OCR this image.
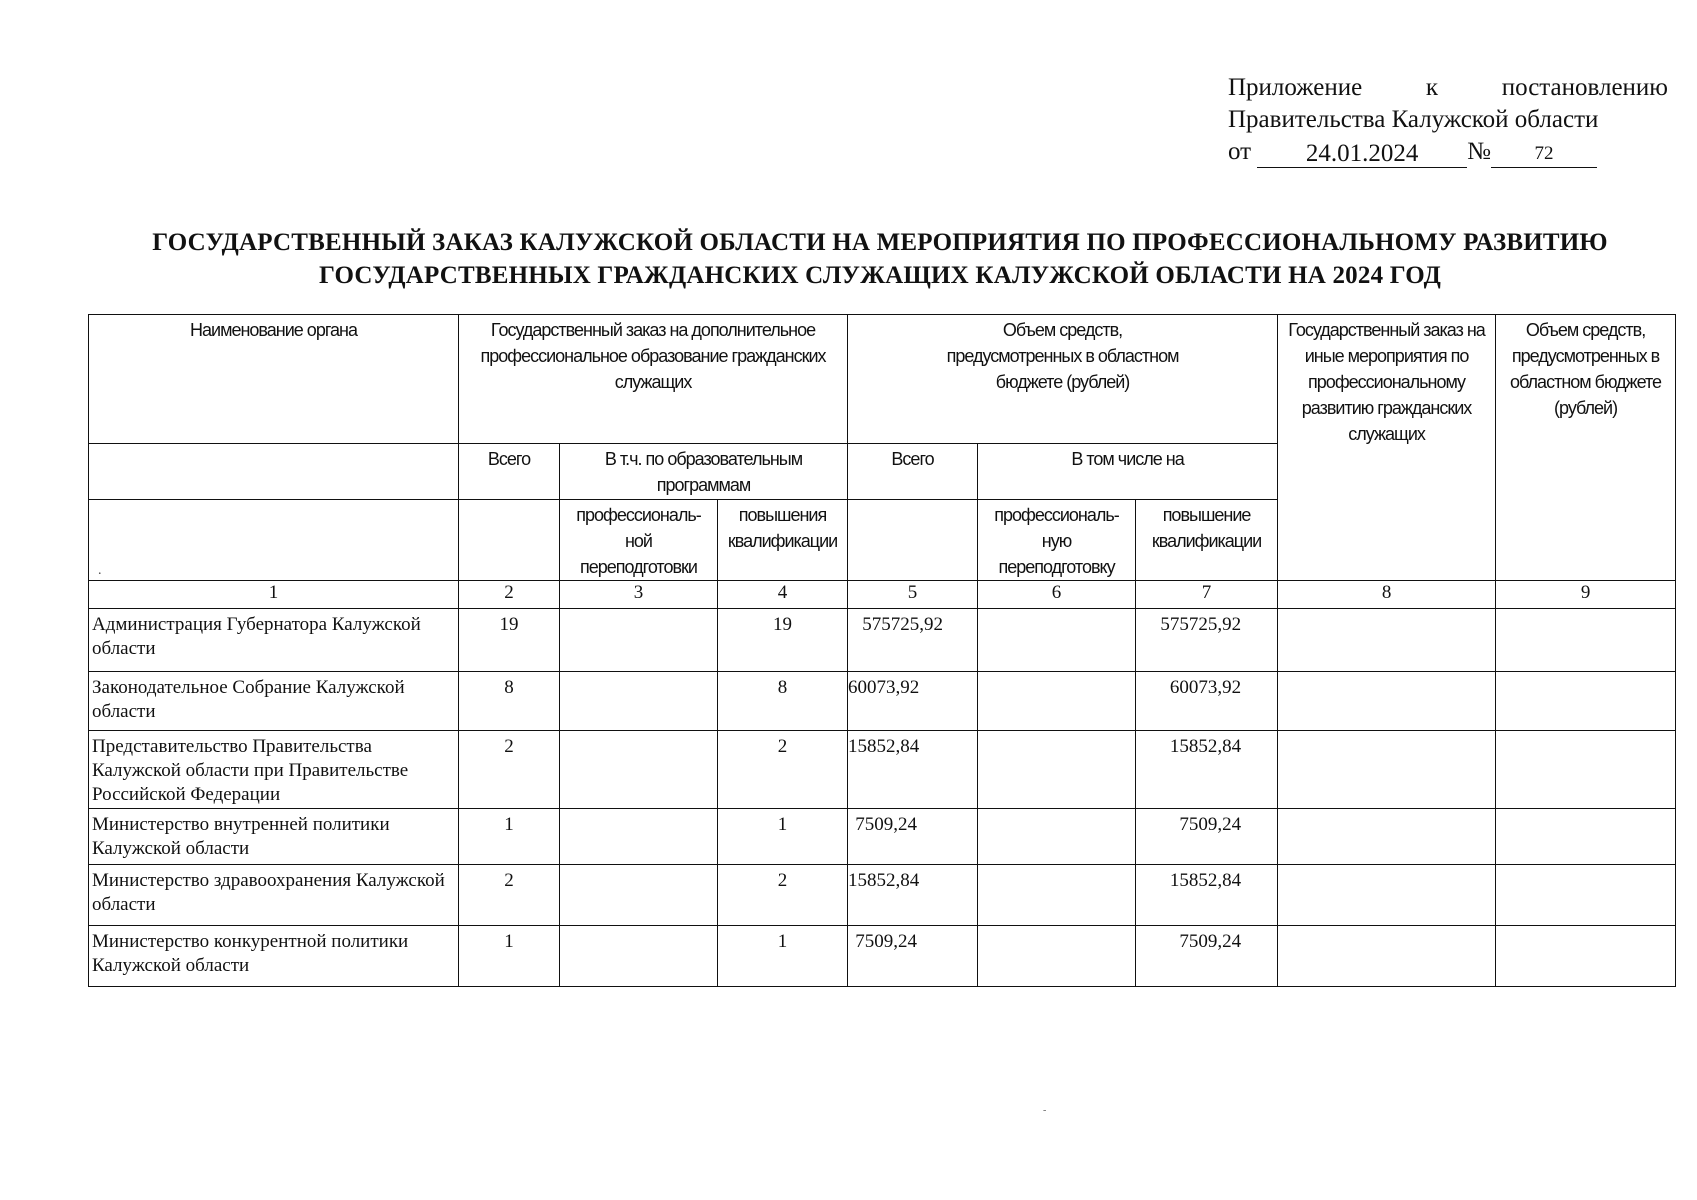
Приложение	к	постановлению
Правительства Калужской области
от	24.01.2024	№	72
ГОСУДАРСТВЕННЫЙ ЗАКАЗ КАЛУЖСКОЙ ОБЛАСТИ НА МЕРОПРИЯТИЯ ПО ПРОФЕССИОНАЛЬНОМУ РАЗВИТИЮ
ГОСУДАРСТВЕННЫХ ГРАЖДАНСКИХ СЛУЖАЩИХ КАЛУЖСКОЙ ОБЛАСТИ НА 2024 ГОД
Наименование органа	Государственный заказ на дополнительное профессиональное образование гражданских служащих			Объем средств, предусмотренных в областном бюджете (рублей)			Государственный заказ на иные мероприятия по профессиональному развитию гражданских служащих	Объем средств, предусмотренных в областном бюджете (рублей)
	Всего	В т.ч. по образовательным программам		Всего	В том числе на			
		профессиональ-ной переподготовки	повышения квалификации		профессиональ-ную переподготовку	повышение квалификации		
1	2	3	4	5	6	7	8	9
Администрация Губернатора Калужской области	19		19	575725,92		575725,92		
Законодательное Собрание Калужской области	8		8	60073,92		60073,92		
Представительство Правительства Калужской области при Правительстве Российской Федерации	2		2	15852,84		15852,84		
Министерство внутренней политики Калужской области	1		1	7509,24		7509,24		
Министерство здравоохранения Калужской области	2		2	15852,84		15852,84		
Министерство конкурентной политики Калужской области	1		1	7509,24		7509,24		
.
-
